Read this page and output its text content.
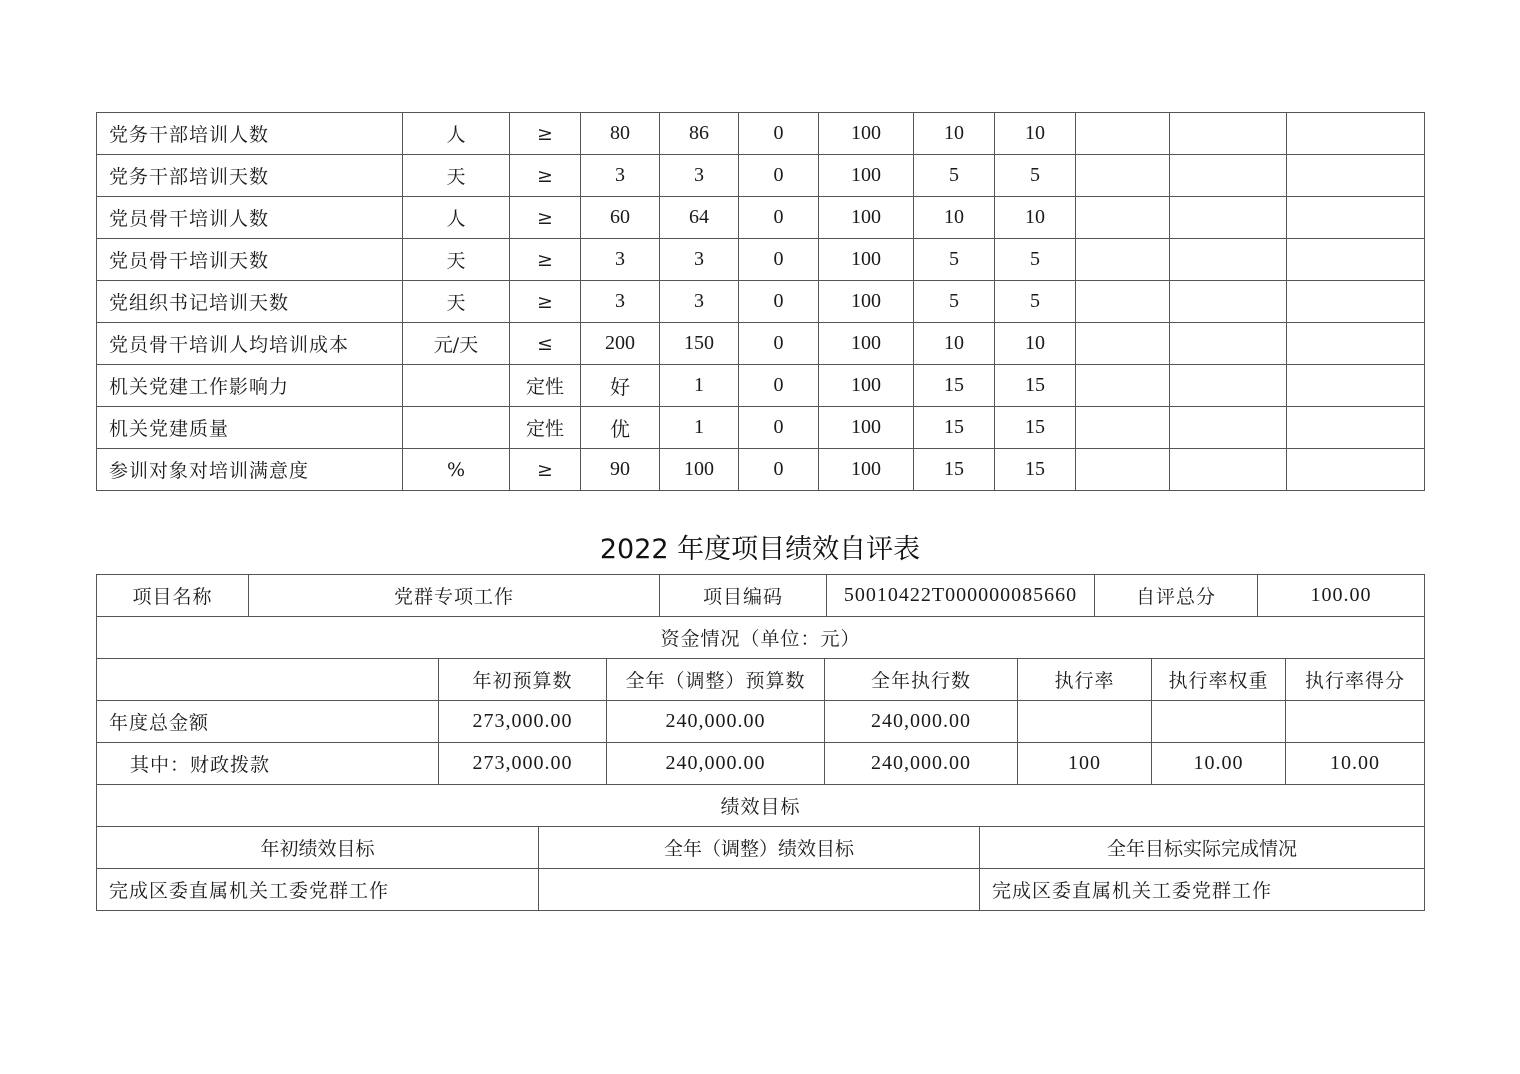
党务干部培训人数	人	≥	80	86	0	100	10	10			
党务干部培训天数	天	≥	3	3	0	100	5	5			
党员骨干培训人数	人	≥	60	64	0	100	10	10			
党员骨干培训天数	天	≥	3	3	0	100	5	5			
党组织书记培训天数	天	≥	3	3	0	100	5	5			
党员骨干培训人均培训成本	元/天	≤	200	150	0	100	10	10			
机关党建工作影响力		定性	好	1	0	100	15	15			
机关党建质量		定性	优	1	0	100	15	15			
参训对象对培训满意度	%	≥	90	100	0	100	15	15			
2022 年度项目绩效自评表
项目名称	党群专项工作	项目编码	50010422T000000085660	自评总分	100.00
资金情况（单位：元）						
	年初预算数	全年（调整）预算数	全年执行数	执行率	执行率权重	执行率得分
年度总金额	273,000.00	240,000.00	240,000.00			
其中：财政拨款	273,000.00	240,000.00	240,000.00	100	10.00	10.00
绩效目标						
年初绩效目标	全年（调整）绩效目标	全年目标实际完成情况
完成区委直属机关工委党群工作		完成区委直属机关工委党群工作
